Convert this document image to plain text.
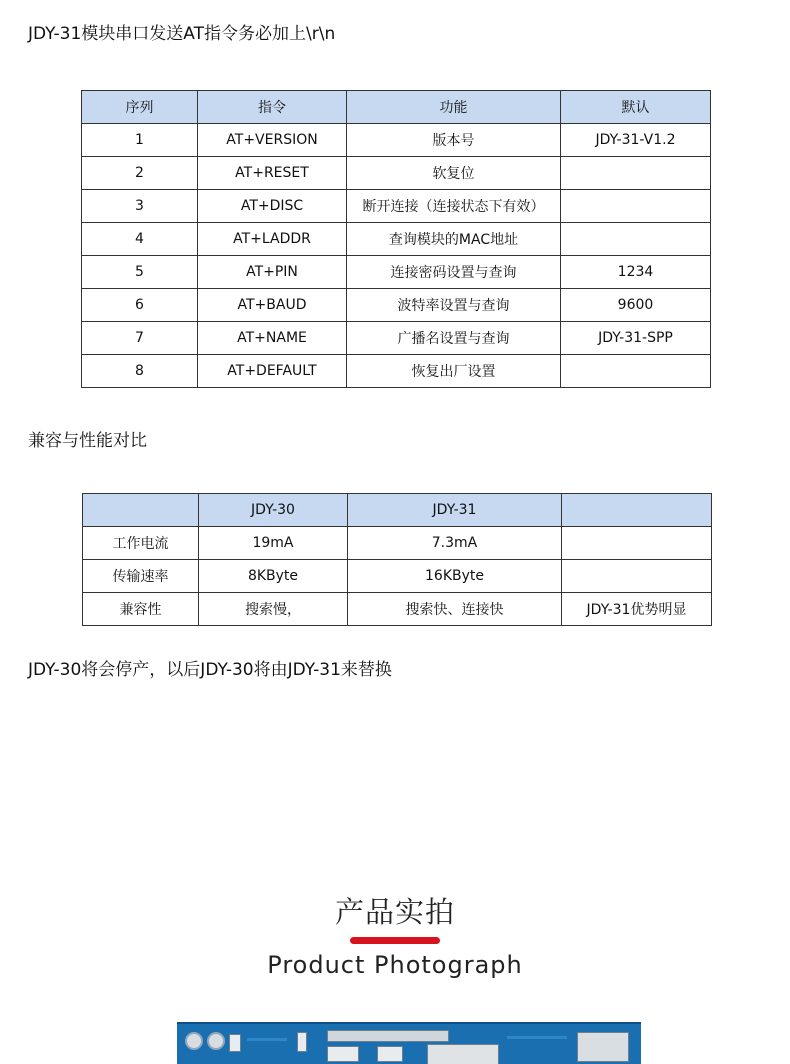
JDY-31模块串口发送AT指令务必加上\r\n
序列	指令	功能	默认
1	AT+VERSION	版本号	JDY-31-V1.2
2	AT+RESET	软复位	
3	AT+DISC	断开连接（连接状态下有效）	
4	AT+LADDR	查询模块的MAC地址	
5	AT+PIN	连接密码设置与查询	1234
6	AT+BAUD	波特率设置与查询	9600
7	AT+NAME	广播名设置与查询	JDY-31-SPP
8	AT+DEFAULT	恢复出厂设置	
兼容与性能对比
	JDY-30	JDY-31	
工作电流	19mA	7.3mA	
传输速率	8KByte	16KByte	
兼容性	搜索慢，	搜索快、连接快	JDY-31优势明显
JDY-30将会停产，以后JDY-30将由JDY-31来替换
产品实拍
Product Photograph
